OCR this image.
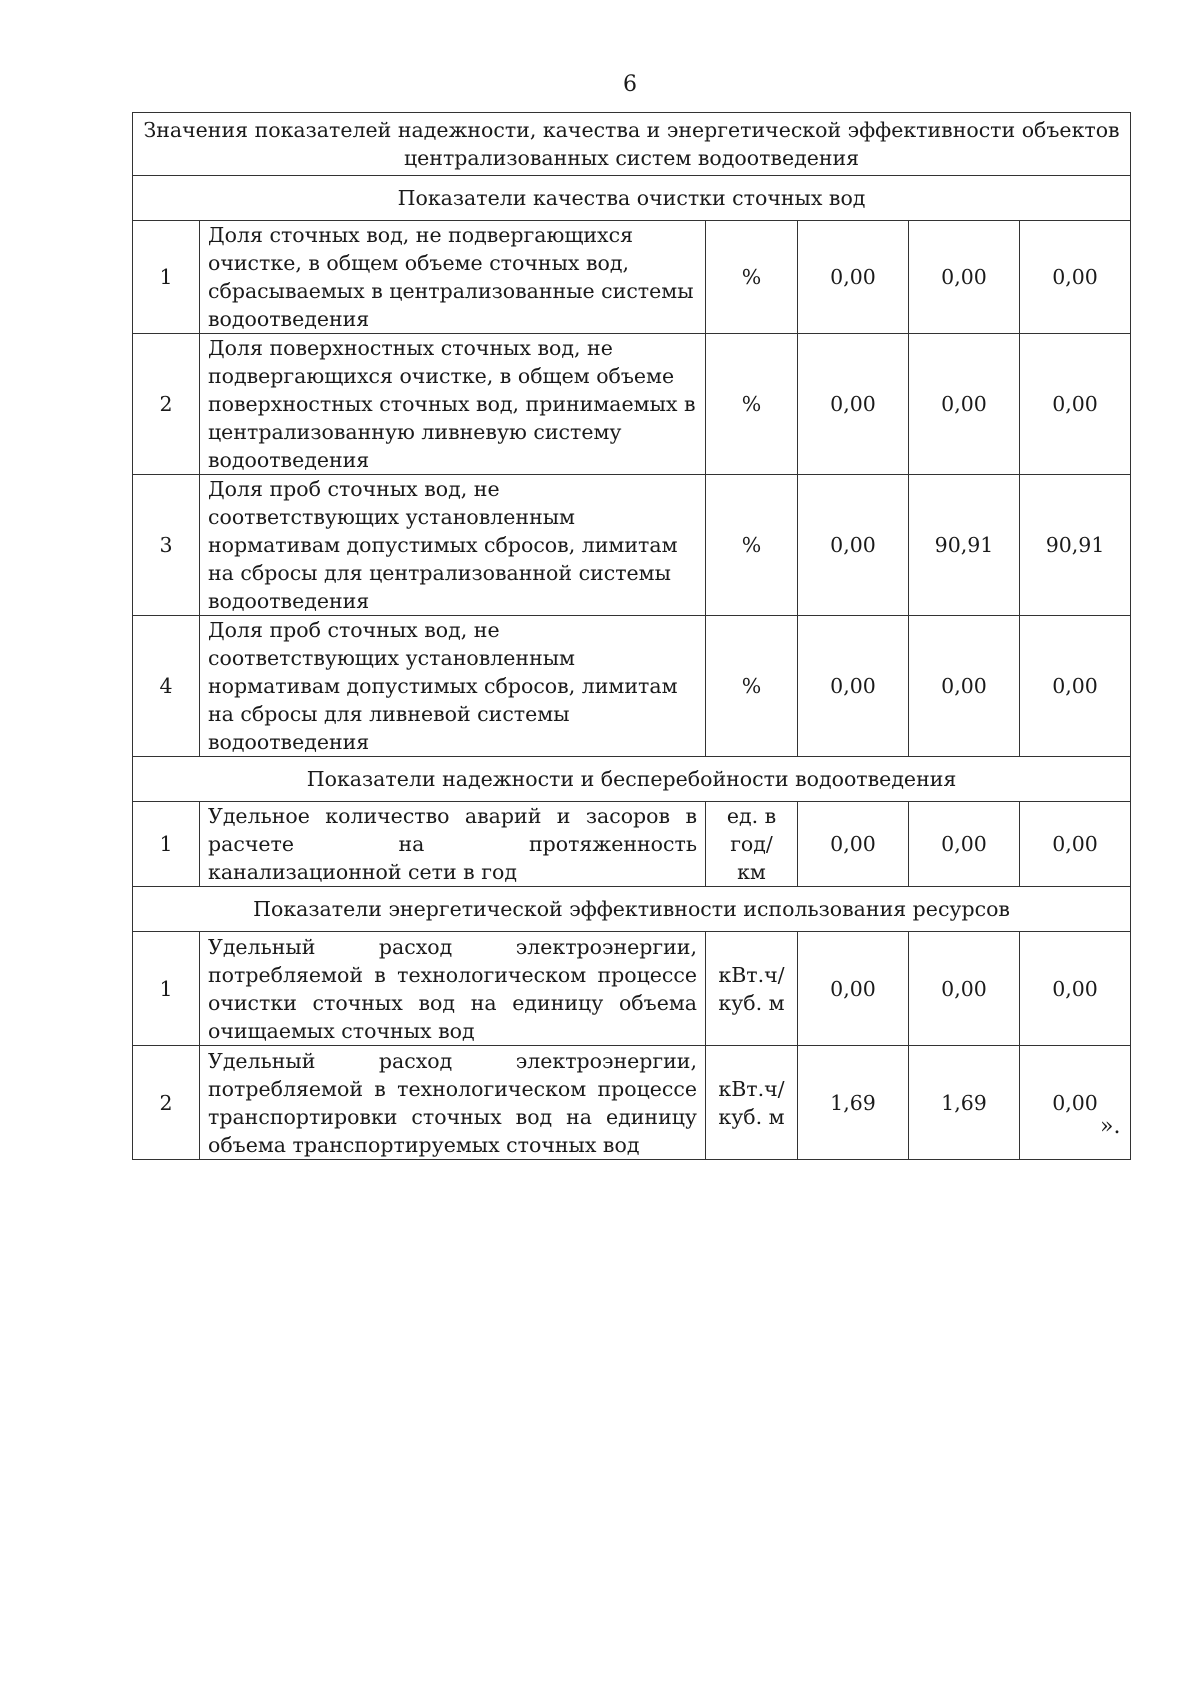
6
Значения показателей надежности, качества и энергетической эффективности объектов централизованных систем водоотведения					
Показатели качества очистки сточных вод					
1	Доля сточных вод, не подвергающихся очистке, в общем объеме сточных вод, сбрасываемых в централизованные системы водоотведения	%	0,00	0,00	0,00
2	Доля поверхностных сточных вод, не подвергающихся очистке, в общем объеме поверхностных сточных вод, принимаемых в централизованную ливневую систему водоотведения	%	0,00	0,00	0,00
3	Доля проб сточных вод, не соответствующих установленным нормативам допустимых сбросов, лимитам на сбросы для централизованной системы водоотведения	%	0,00	90,91	90,91
4	Доля проб сточных вод, не соответствующих установленным нормативам допустимых сбросов, лимитам на сбросы для ливневой системы водоотведения	%	0,00	0,00	0,00
Показатели надежности и бесперебойности водоотведения					
1	Удельное количество аварий и засоров в расчете на протяженность канализационной сети в год	ед. в год/ км	0,00	0,00	0,00
Показатели энергетической эффективности использования ресурсов					
1	Удельный расход электроэнергии, потребляемой в технологическом процессе очистки сточных вод на единицу объема очищаемых сточных вод	кВт.ч/ куб. м	0,00	0,00	0,00
2	Удельный расход электроэнергии, потребляемой в технологическом процессе транспортировки сточных вод на единицу объема транспортируемых сточных вод	кВт.ч/ куб. м	1,69	1,69	0,00
».
